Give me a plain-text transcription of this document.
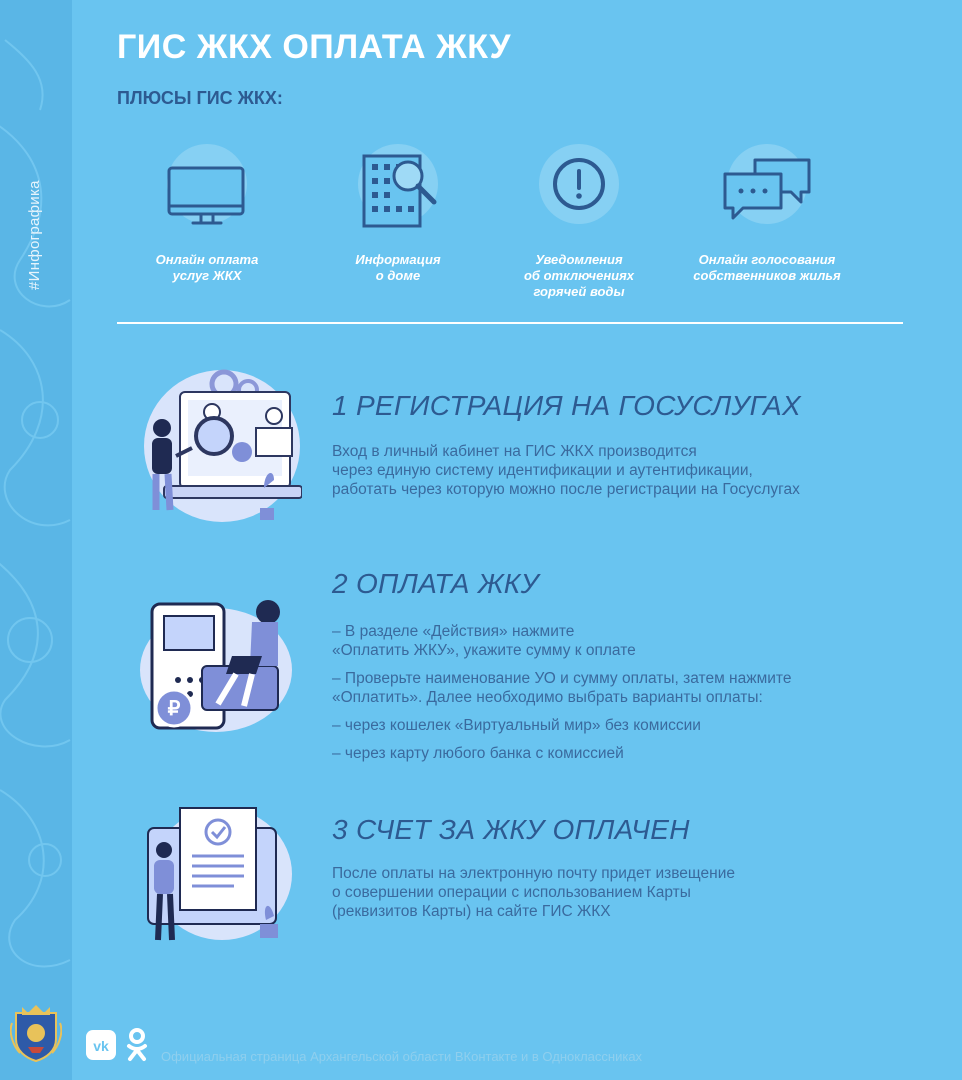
#Инфографика
ГИС ЖКХ ОПЛАТА ЖКУ
ПЛЮСЫ ГИС ЖКХ:
Онлайн оплата
услуг ЖКХ
Информация
о доме
Уведомления
об отключениях
горячей воды
Онлайн голосования
собственников жилья
1 РЕГИСТРАЦИЯ НА ГОСУСЛУГАХ

Вход в личный кабинет на ГИС ЖКХ производится
через единую систему идентификации и аутентификации,
работать через которую можно после регистрации на Госуслугах

₽
2 ОПЛАТА ЖКУ
– В разделе «Действия» нажмите
«Оплатить ЖКУ», укажите сумму к оплате
– Проверьте наименование УО и сумму оплаты, затем нажмите
«Оплатить». Далее необходимо выбрать варианты оплаты:
– через кошелек «Виртуальный мир» без комиссии
– через карту любого банка с комиссией
3 СЧЕТ ЗА ЖКУ ОПЛАЧЕН

После оплаты на электронную почту придет извещение
о совершении операции с использованием Карты
(реквизитов Карты) на сайте ГИС ЖКХ

vk
Официальная страница Архангельской области ВКонтакте и в Одноклассниках
